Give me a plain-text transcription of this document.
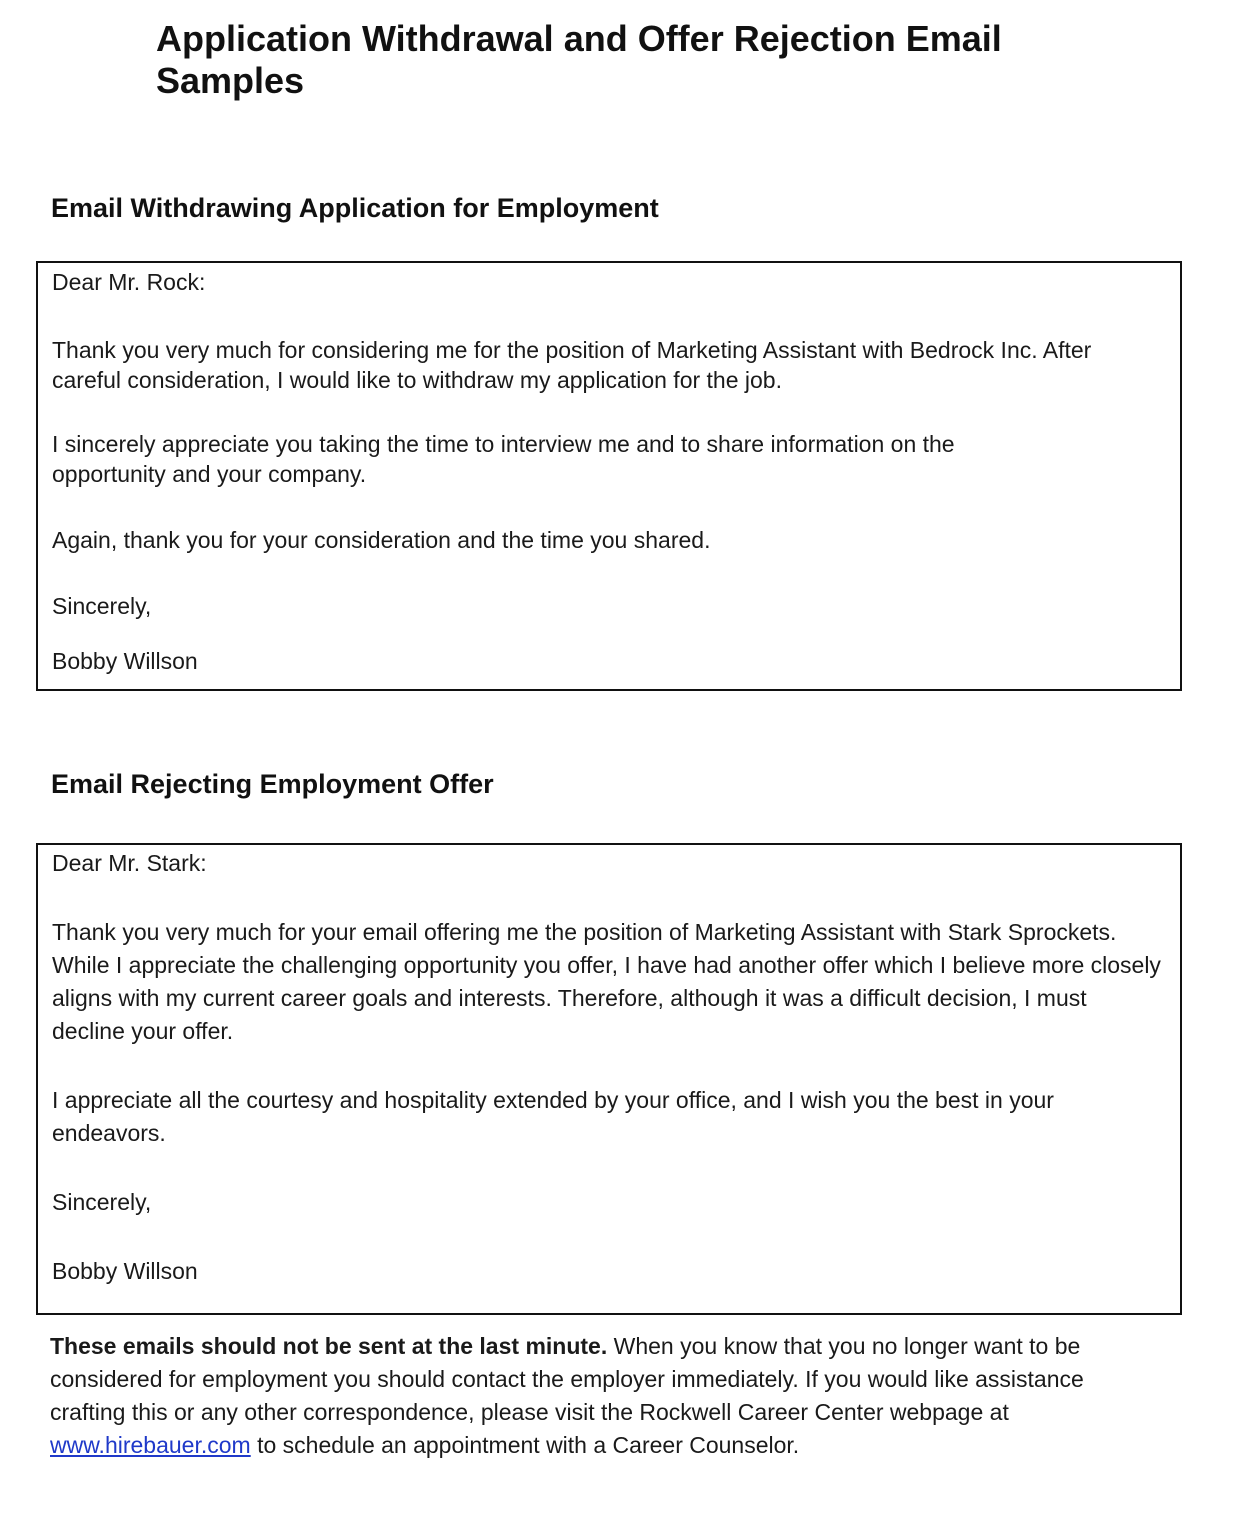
Application Withdrawal and Offer Rejection Email Samples
Email Withdrawing Application for Employment

Dear Mr. Rock:

Thank you very much for considering me for the position of Marketing Assistant with Bedrock Inc. After careful consideration, I would like to withdraw my application for the job.

I sincerely appreciate you taking the time to interview me and to share information on the opportunity and your company.

Again, thank you for your consideration and the time you shared.

Sincerely,

Bobby Willson

Email Rejecting Employment Offer

Dear Mr. Stark:

Thank you very much for your email offering me the position of Marketing Assistant with Stark Sprockets. While I appreciate the challenging opportunity you offer, I have had another offer which I believe more closely aligns with my current career goals and interests. Therefore, although it was a difficult decision, I must decline your offer.

I appreciate all the courtesy and hospitality extended by your office, and I wish you the best in your endeavors.

Sincerely,

Bobby Willson

These emails should not be sent at the last minute. When you know that you no longer want to be considered for employment you should contact the employer immediately. If you would like assistance crafting this or any other correspondence, please visit the Rockwell Career Center webpage at www.hirebauer.com to schedule an appointment with a Career Counselor.
